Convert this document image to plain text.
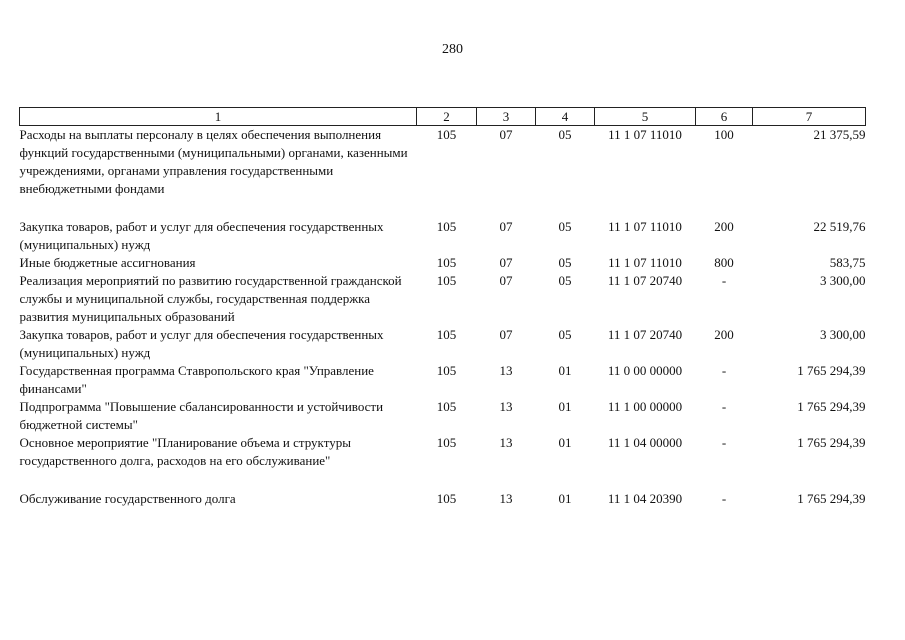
280
1	2	3	4	5	6	7
Расходы на выплаты персоналу в целях обеспечения выполнения функций государственными (муниципальными) органами, казенными учреждениями, органами управления государственными внебюджетными фондами	105	07	05	11 1 07 11010	100	21 375,59
Закупка товаров, работ и услуг для обеспечения государственных (муниципальных) нужд	105	07	05	11 1 07 11010	200	22 519,76
Иные бюджетные ассигнования	105	07	05	11 1 07 11010	800	583,75
Реализация мероприятий по развитию государственной гражданской службы и муниципальной службы, государственная поддержка развития муниципальных образований	105	07	05	11 1 07 20740	-	3 300,00
Закупка товаров, работ и услуг для обеспечения государственных (муниципальных) нужд	105	07	05	11 1 07 20740	200	3 300,00
Государственная программа Ставропольского края "Управление финансами"	105	13	01	11 0 00 00000	-	1 765 294,39
Подпрограмма "Повышение сбалансированности и устойчивости бюджетной системы"	105	13	01	11 1 00 00000	-	1 765 294,39
Основное мероприятие "Планирование объема и структуры государственного долга, расходов на его обслуживание"	105	13	01	11 1 04 00000	-	1 765 294,39
Обслуживание государственного долга	105	13	01	11 1 04 20390	-	1 765 294,39
